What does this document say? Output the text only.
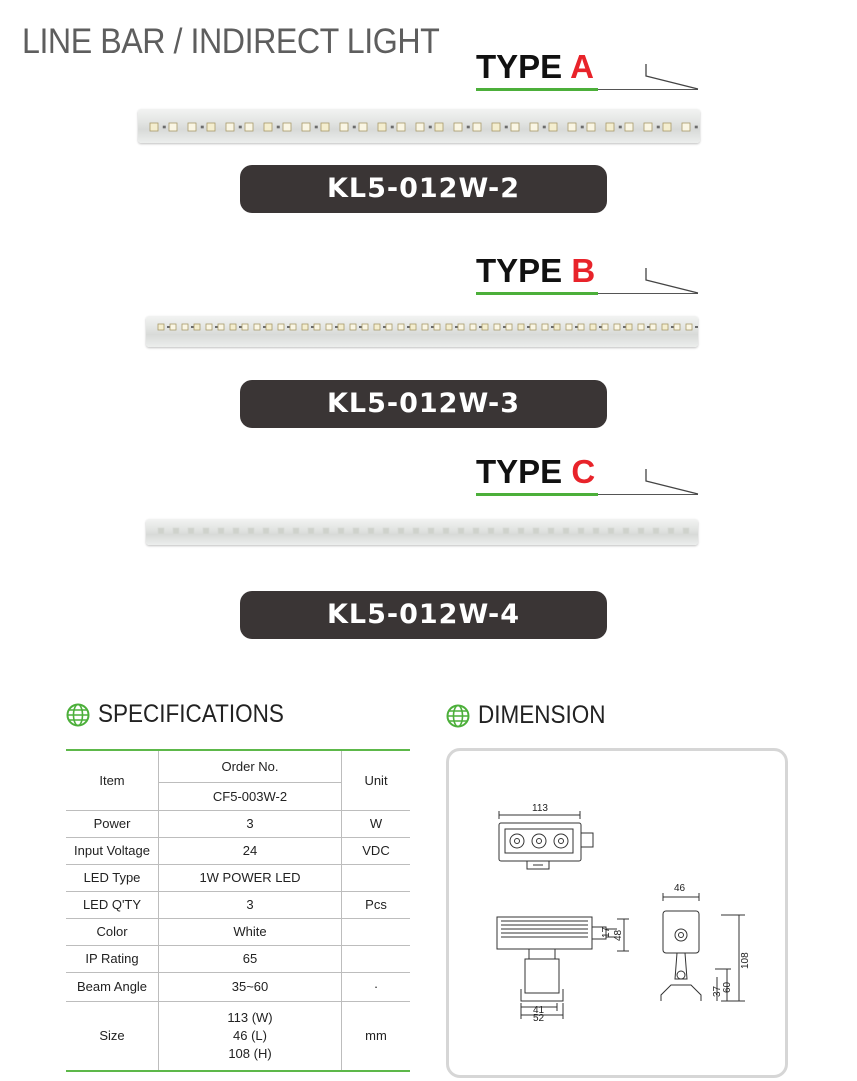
LINE BAR / INDIRECT LIGHT
TYPE A
KL5-012W-2
TYPE B
KL5-012W-3
TYPE C
KL5-012W-4
SPECIFICATIONS	DIMENSION
Item	Order No.	Unit
	CF5-003W-2	
Power	3	W
Input Voltage	24	VDC
LED Type	1W POWER LED	
LED Q'TY	3	Pcs
Color	White	
IP Rating	65	
Beam Angle	35~60	·
Size	113 (W)
46 (L)
108 (H)	mm
113
17 48
41
52
46
37 60
108
